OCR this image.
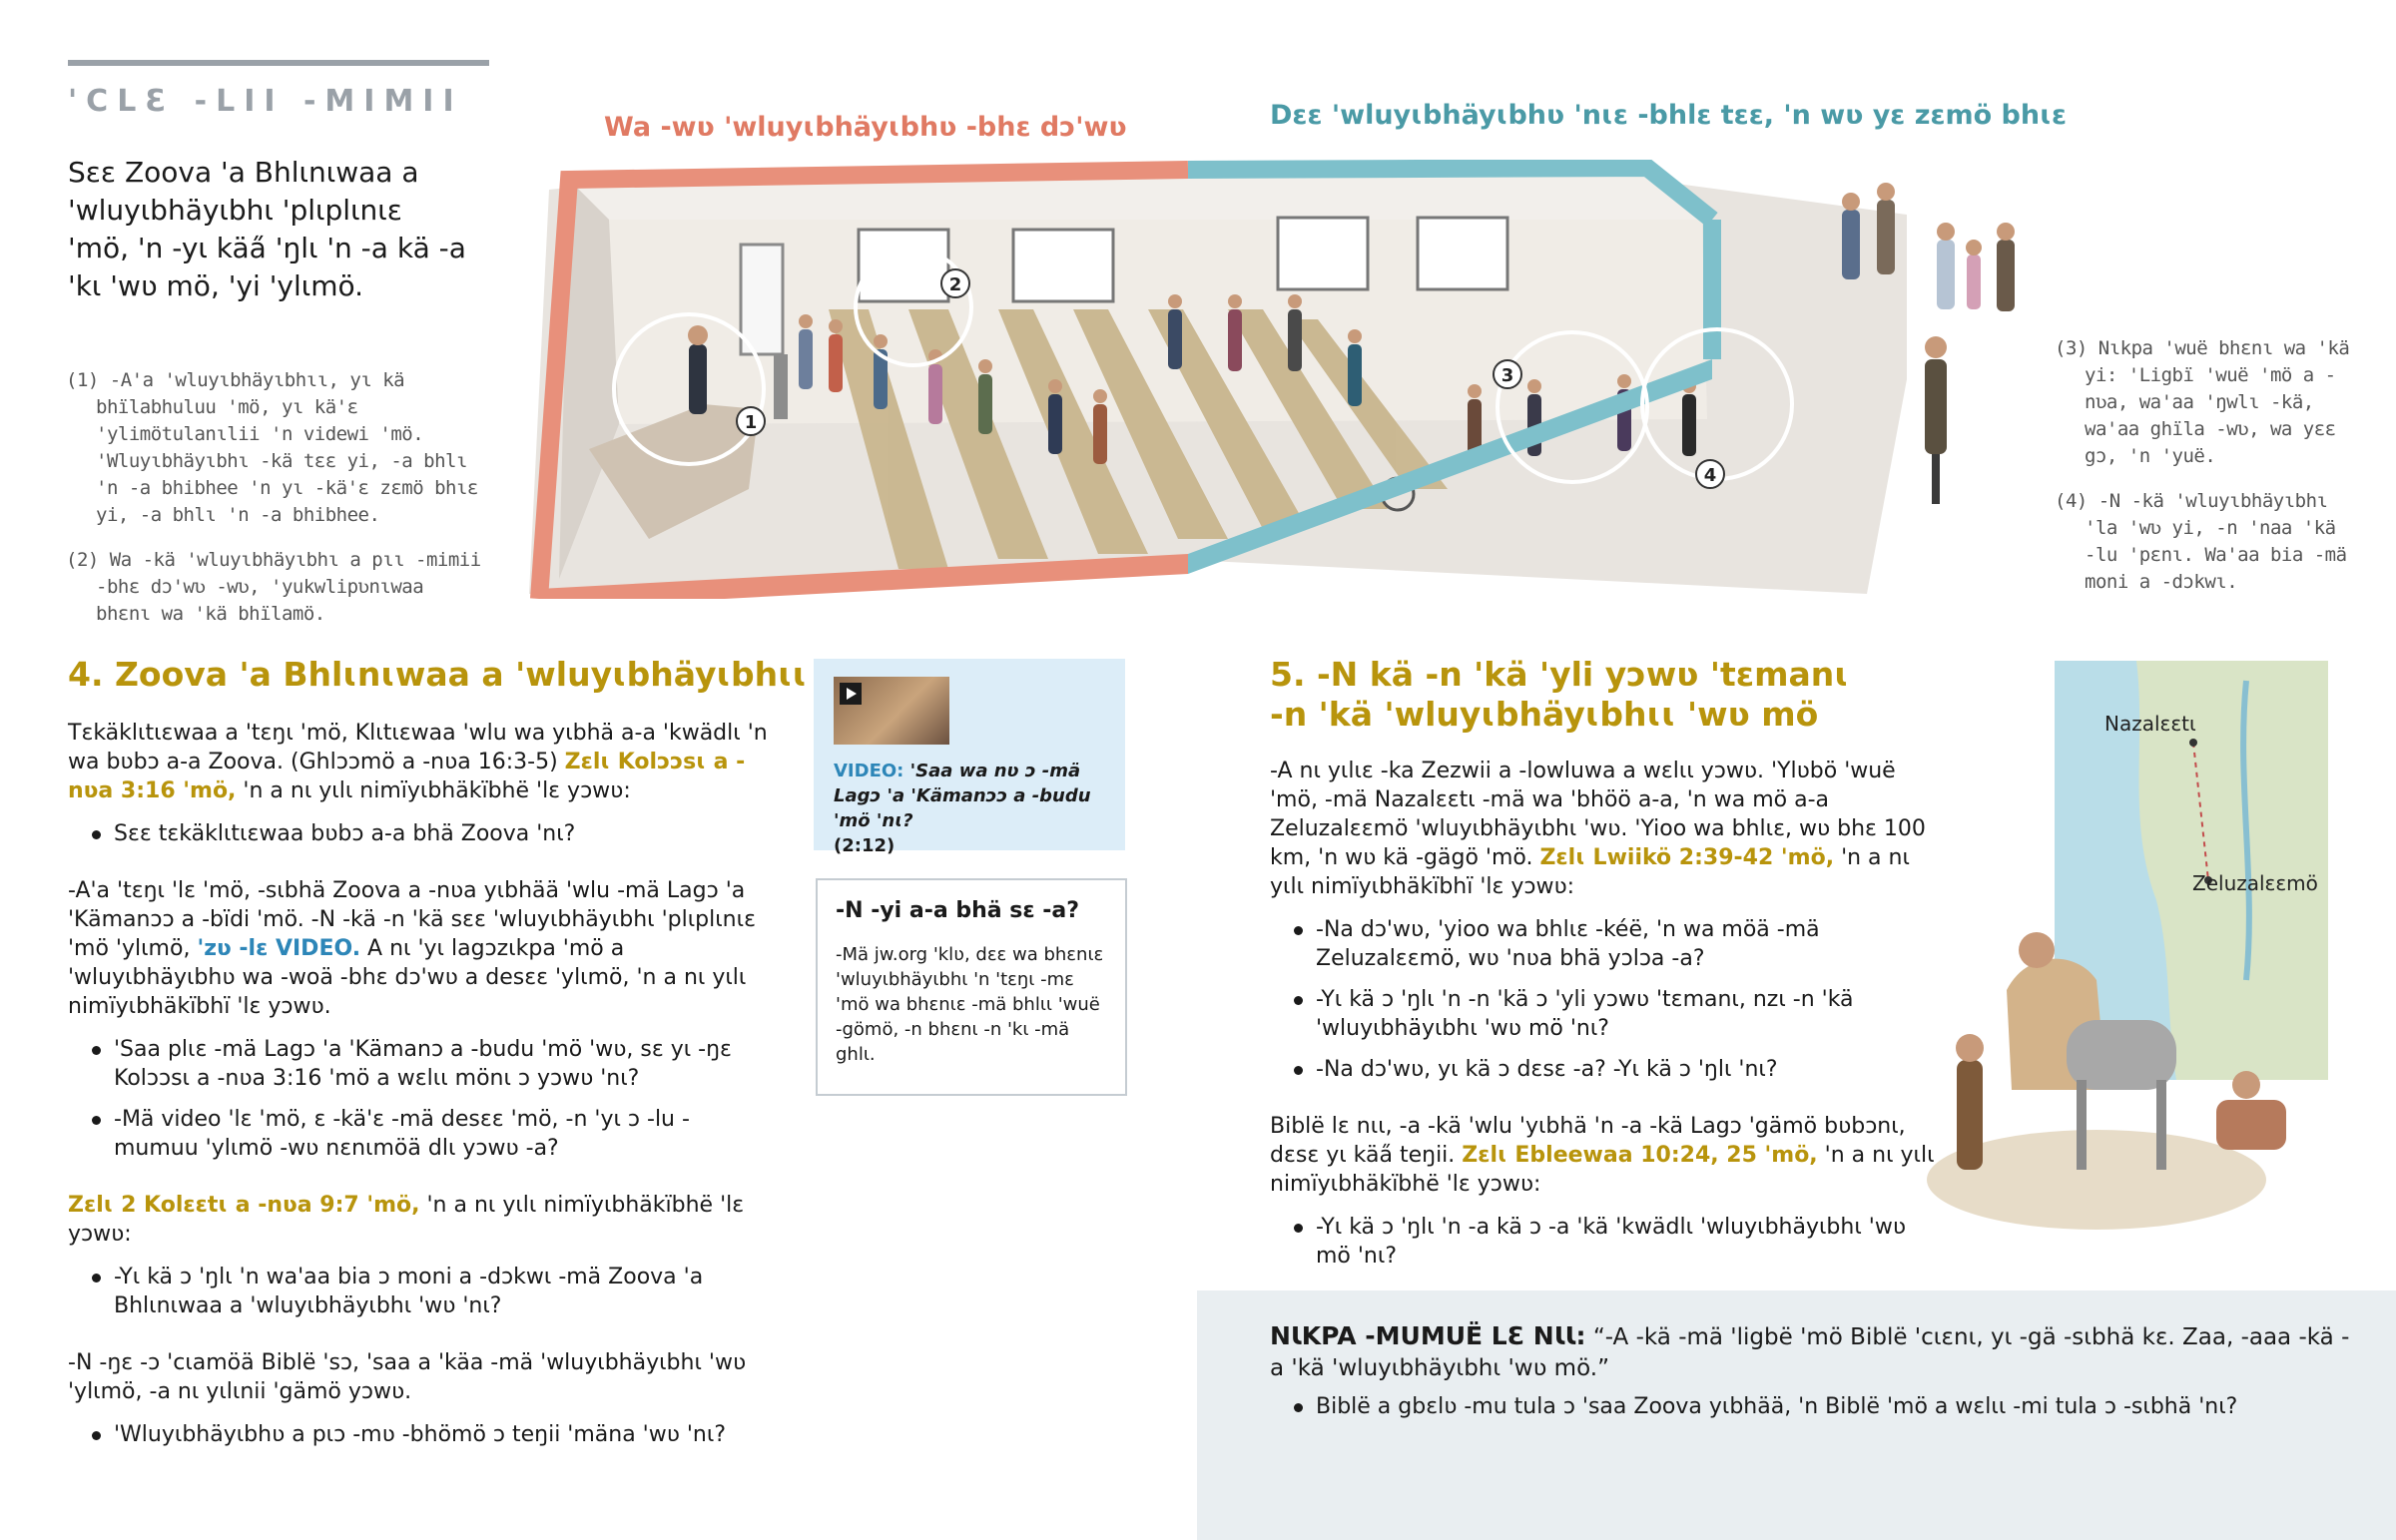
'CLƐ -LII -MIMII
Sɛɛ Zoova 'a Bhlɩnɩwaa a 'wluyɩbhäyɩbhɩ 'plɩplɩnɩɛ 'mö, 'n -yɩ käa̋ 'ŋlɩ 'n -a kä -a 'kɩ 'wʋ mö, 'yi 'ylɩmö.
(1) -A'a 'wluyɩbhäyɩbhɩɩ, yɩ kä bhïlabhuluu 'mö, yɩ kä'ɛ 'ylimötulanɩlii 'n videwi 'mö. 'Wluyɩbhäyɩbhɩ -kä tɛɛ yi, -a bhlɩ 'n -a bhibhee 'n yɩ -kä'ɛ zɛmö bhɩɛ yi, -a bhlɩ 'n -a bhibhee.
(2) Wa -kä 'wluyɩbhäyɩbhɩ a pɩɩ -mimii -bhɛ dɔ'wʋ -wʋ, 'yukwlipʋnɩwaa bhɛnɩ wa 'kä bhïlamö.
(3) Nɩkpa 'wuë bhɛnɩ wa 'kä yi: 'Ligbï 'wuë 'mö a -nʋa, wa'aa 'ŋwlɩ -kä, wa'aa ghïla -wʋ, wa yɛɛ gɔ, 'n 'yuë.
(4) -N -kä 'wluyɩbhäyɩbhɩ 'la 'wʋ yi, -n 'naa 'kä -lu 'pɛnɩ. Wa'aa bia -mä moni a -dɔkwɩ.
Wa -wʋ 'wluyɩbhäyɩbhʋ -bhɛ dɔ'wʋ	Dɛɛ 'wluyɩbhäyɩbhʋ 'nɩɛ -bhlɛ tɛɛ, 'n wʋ yɛ zɛmö bhɩɛ
1
2
3
4
4. Zoova 'a Bhlɩnɩwaa a 'wluyɩbhäyɩbhɩɩ

Tɛkäklɩtɩɛwaa a 'tɛŋɩ 'mö, Klɩtɩɛwaa 'wlu wa yɩbhä a-a 'kwädlɩ 'n wa bʋbɔ a-a Zoova. (Ghlɔɔmö a -nʋa 16:3-5) Zɛlɩ Kolɔɔsɩ a -nʋa 3:16 'mö, 'n a nɩ yɩlɩ nimïyɩbhäkïbhë 'lɛ yɔwʋ:

Sɛɛ tɛkäklɩtɩɛwaa bʋbɔ a-a bhä Zoova 'nɩ?

-A'a 'tɛŋɩ 'lɛ 'mö, -sɩbhä Zoova a -nʋa yɩbhää 'wlu -mä Lagɔ 'a 'Kämanɔɔ a -bïdi 'mö. -N -kä -n 'kä sɛɛ 'wluyɩbhäyɩbhɩ 'plɩplɩnɩɛ 'mö 'ylɩmö, 'zʋ -lɛ VIDEO. A nɩ 'yɩ lagɔzɩkpa 'mö a 'wluyɩbhäyɩbhʋ wa -woä -bhɛ dɔ'wʋ a desɛɛ 'ylɩmö, 'n a nɩ yɩlɩ nimïyɩbhäkïbhï 'lɛ yɔwʋ.

'Saa plɩɛ -mä Lagɔ 'a 'Kämanɔ a -budu 'mö 'wʋ, sɛ yɩ -ŋɛ Kolɔɔsɩ a -nʋa 3:16 'mö a wɛlɩɩ mönɩ ɔ yɔwʋ 'nɩ?
-Mä video 'lɛ 'mö, ɛ -kä'ɛ -mä desɛɛ 'mö, -n 'yɩ ɔ -lu -mumuu 'ylɩmö -wʋ nɛnɩmöä dlɩ yɔwʋ -a?

Zɛlɩ 2 Kolɛɛtɩ a -nʋa 9:7 'mö, 'n a nɩ yɩlɩ nimïyɩbhäkïbhë 'lɛ yɔwʋ:

-Yɩ kä ɔ 'ŋlɩ 'n wa'aa bia ɔ moni a -dɔkwɩ -mä Zoova 'a Bhlɩnɩwaa a 'wluyɩbhäyɩbhɩ 'wʋ 'nɩ?

-N -ŋɛ -ɔ 'cɩamöä Biblë 'sɔ, 'saa a 'käa -mä 'wluyɩbhäyɩbhɩ 'wʋ 'ylɩmö, -a nɩ yɩlɩnii 'gämö yɔwʋ.

'Wluyɩbhäyɩbhʋ a pɩɔ -mʋ -bhömö ɔ teŋii 'mäna 'wʋ 'nɩ?
VIDEO: 'Saa wa nʋ ɔ -mä Lagɔ 'a 'Kämanɔɔ a -budu 'mö 'nɩ?
(2:12)
-N -yi a-a bhä sɛ -a?
-Mä jw.org 'klʋ, dɛɛ wa bhɛnɩɛ 'wluyɩbhäyɩbhɩ 'n 'tɛŋɩ -mɛ 'mö wa bhɛnɩɛ -mä bhlɩɩ 'wuë -gömö, -n bhɛnɩ -n 'kɩ -mä ghlɩ.
5. -N kä -n 'kä 'yli yɔwʋ 'tɛmanɩ
-n 'kä 'wluyɩbhäyɩbhɩɩ 'wʋ mö

-A nɩ yɩlɩɛ -ka Zezwii a -lowluwa a wɛlɩɩ yɔwʋ. 'Ylʋbö 'wuë 'mö, -mä Nazalɛɛtɩ -mä wa 'bhöö a-a, 'n wa mö a-a Zeluzalɛɛmö 'wluyɩbhäyɩbhɩ 'wʋ. 'Yioo wa bhlɩɛ, wʋ bhɛ 100 km, 'n wʋ kä -gägö 'mö. Zɛlɩ Lwiikö 2:39-42 'mö, 'n a nɩ yɩlɩ nimïyɩbhäkïbhï 'lɛ yɔwʋ:

-Na dɔ'wʋ, 'yioo wa bhlɩɛ -kéë, 'n wa möä -mä Zeluzalɛɛmö, wʋ 'nʋa bhä yɔlɔa -a?
-Yɩ kä ɔ 'ŋlɩ 'n -n 'kä ɔ 'yli yɔwʋ 'tɛmanɩ, nzɩ -n 'kä 'wluyɩbhäyɩbhɩ 'wʋ mö 'nɩ?
-Na dɔ'wʋ, yɩ kä ɔ dɛsɛ -a? -Yɩ kä ɔ 'ŋlɩ 'nɩ?

Biblë lɛ nɩɩ, -a -kä 'wlu 'yɩbhä 'n -a -kä Lagɔ 'gämö bʋbɔnɩ, dɛsɛ yɩ käa̋ teŋii. Zɛlɩ Ebleewaa 10:24, 25 'mö, 'n a nɩ yɩlɩ nimïyɩbhäkïbhë 'lɛ yɔwʋ:

-Yɩ kä ɔ 'ŋlɩ 'n -a kä ɔ -a 'kä 'kwädlɩ 'wluyɩbhäyɩbhɩ 'wʋ mö 'nɩ?
Nazalɛɛtɩ
Zeluzalɛɛmö
NƖKPA -MUMUË LƐ NƖƖ: “-A -kä -mä 'ligbë 'mö Biblë 'cɩɛnɩ, yɩ -gä -sɩbhä kɛ. Zaa, -aaa -kä -a 'kä 'wluyɩbhäyɩbhɩ 'wʋ mö.”
Biblë a gbɛlʋ -mu tula ɔ 'saa Zoova yɩbhää, 'n Biblë 'mö a wɛlɩɩ -mi tula ɔ -sɩbhä 'nɩ?
